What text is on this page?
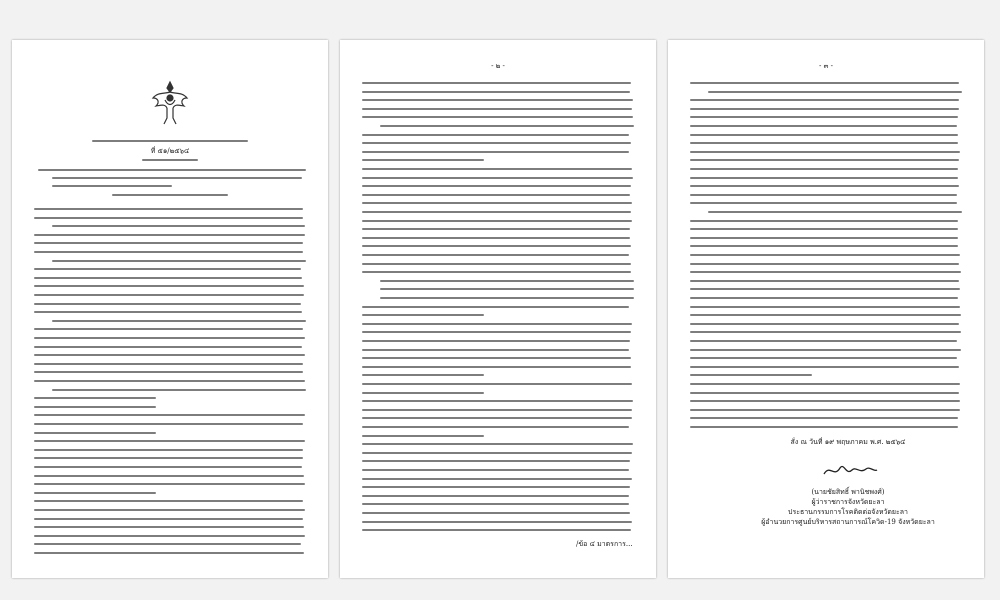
ที่ ๕๑/๒๕๖๔
- ๒ -
/ข้อ ๔ มาตรการ...
- ๓ -
สั่ง ณ วันที่ ๑๙ พฤษภาคม พ.ศ. ๒๕๖๔
(นายชัยสิทธิ์ พานิชพงศ์)
ผู้ว่าราชการจังหวัดยะลา
ประธานกรรมการโรคติดต่อจังหวัดยะลา
ผู้อำนวยการศูนย์บริหารสถานการณ์โควิด-19 จังหวัดยะลา
